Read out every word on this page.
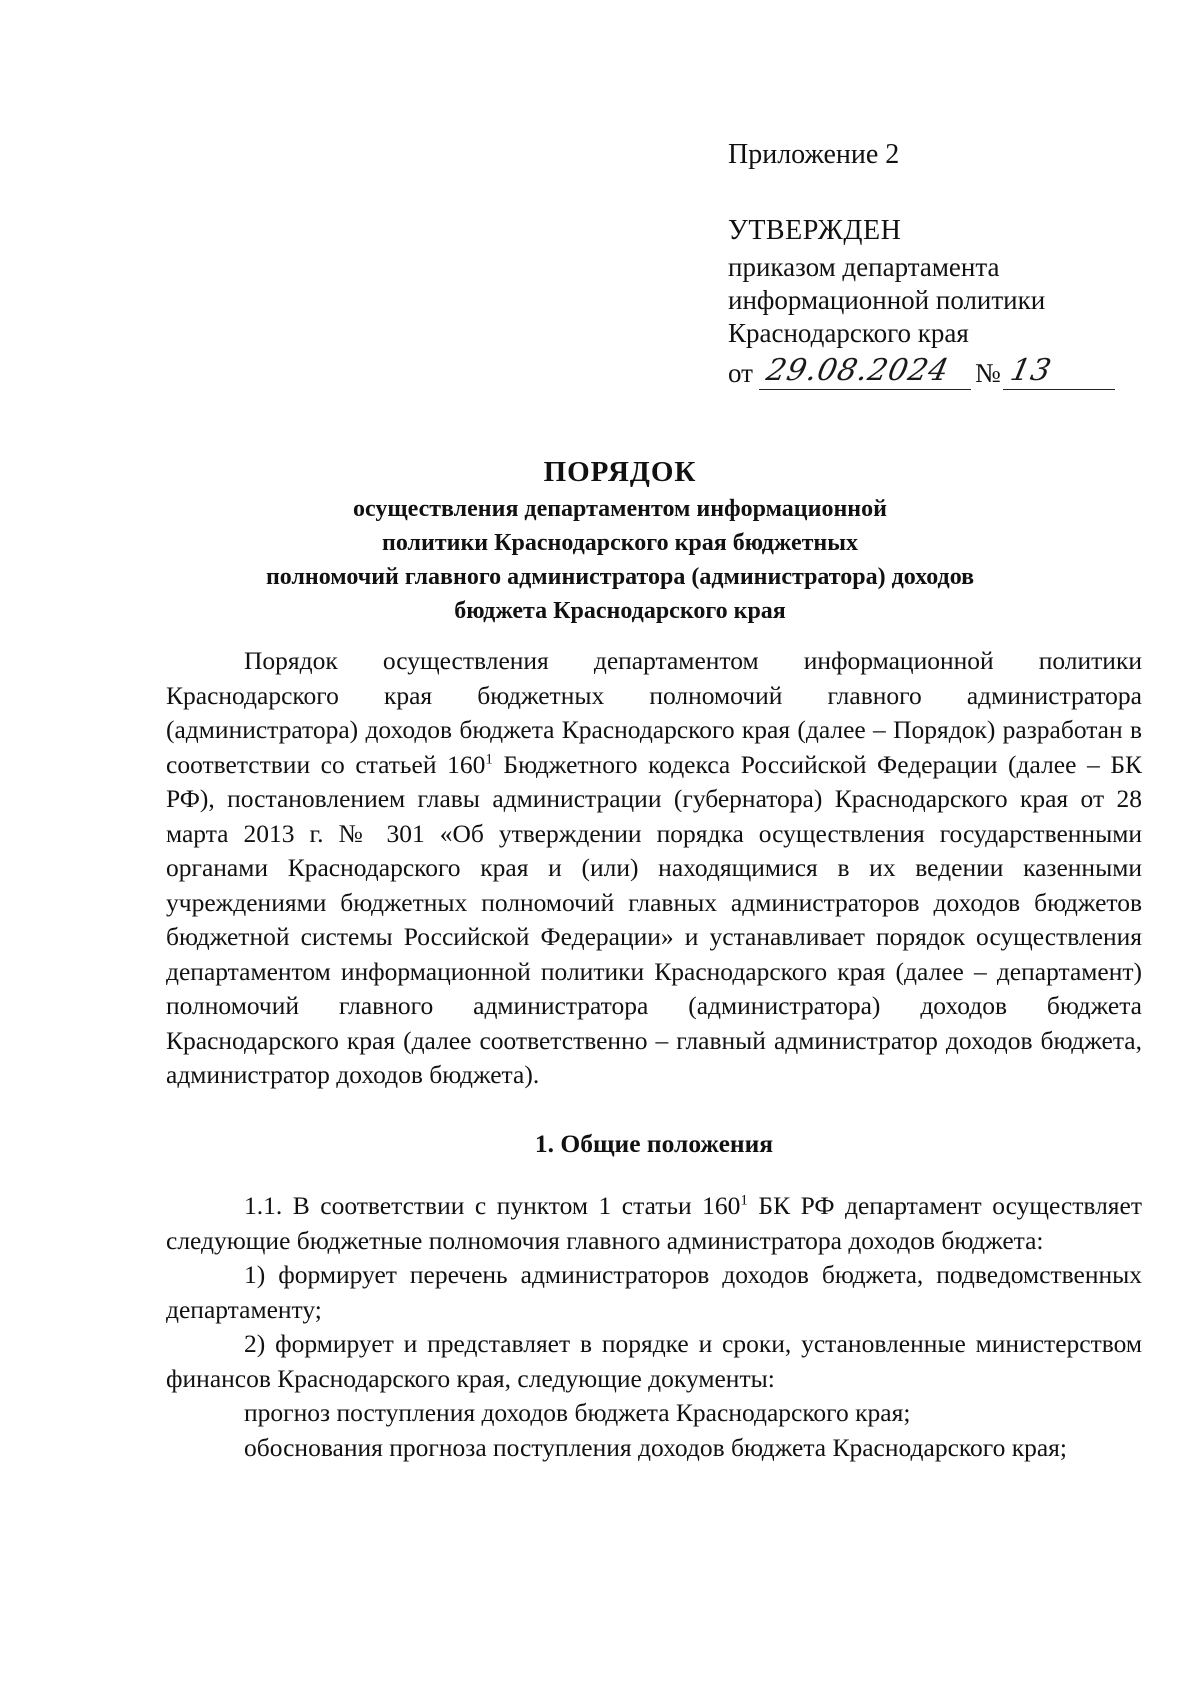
Приложение 2
УТВЕРЖДЕН
приказом департамента
информационной политики
Краснодарского края
от 29.08.2024 № 13
ПОРЯДОК
осуществления департаментом информационной
политики Краснодарского края бюджетных
полномочий главного администратора (администратора) доходов
бюджета Краснодарского края

Порядок осуществления департаментом информационной политики Краснодарского края бюджетных полномочий главного администратора (администратора) доходов бюджета Краснодарского края (далее – Порядок) разработан в соответствии со статьей $160^1$ Бюджетного кодекса Российской Федерации (далее – БК РФ), постановлением главы администрации (губернатора) Краснодарского края от 28 марта 2013 г. № 301 «Об утверждении порядка осуществления государственными органами Краснодарского края и (или) находящимися в их ведении казенными учреждениями бюджетных полномочий главных администраторов доходов бюджетов бюджетной системы Российской Федерации» и устанавливает порядок осуществления департаментом информационной политики Краснодарского края (далее – департамент) полномочий главного администратора (администратора) доходов бюджета Краснодарского края (далее соответственно – главный администратор доходов бюджета, администратор доходов бюджета).

1. Общие положения

1.1. В соответствии с пунктом 1 статьи $160^1$ БК РФ департамент осуществляет следующие бюджетные полномочия главного администратора доходов бюджета:

1) формирует перечень администраторов доходов бюджета, подведомственных департаменту;

2) формирует и представляет в порядке и сроки, установленные министерством финансов Краснодарского края, следующие документы:

прогноз поступления доходов бюджета Краснодарского края;

обоснования прогноза поступления доходов бюджета Краснодарского края;
